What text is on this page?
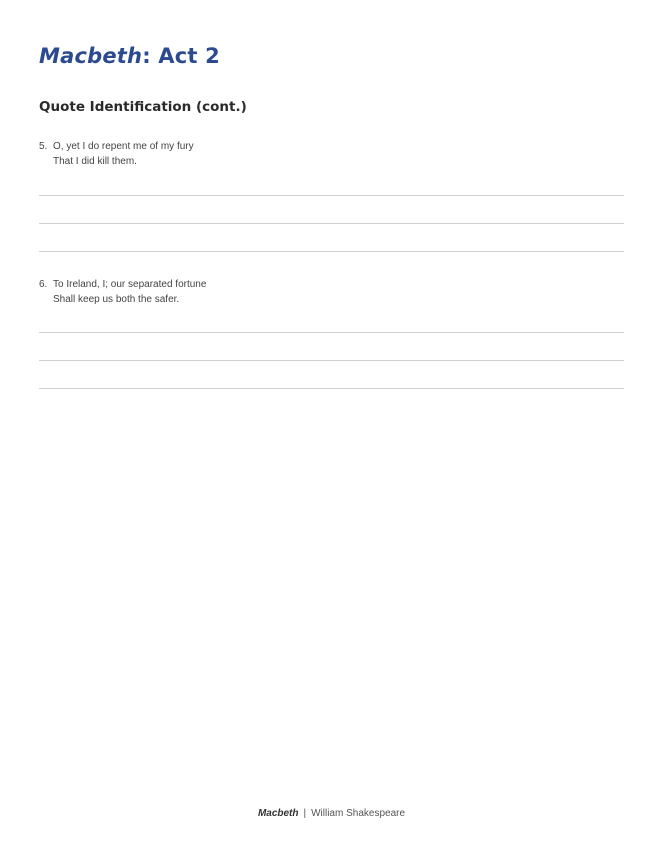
Macbeth: Act 2
Quote Identification (cont.)
5. O, yet I do repent me of my fury
That I did kill them.
6. To Ireland, I; our separated fortune
Shall keep us both the safer.
Macbeth | William Shakespeare
